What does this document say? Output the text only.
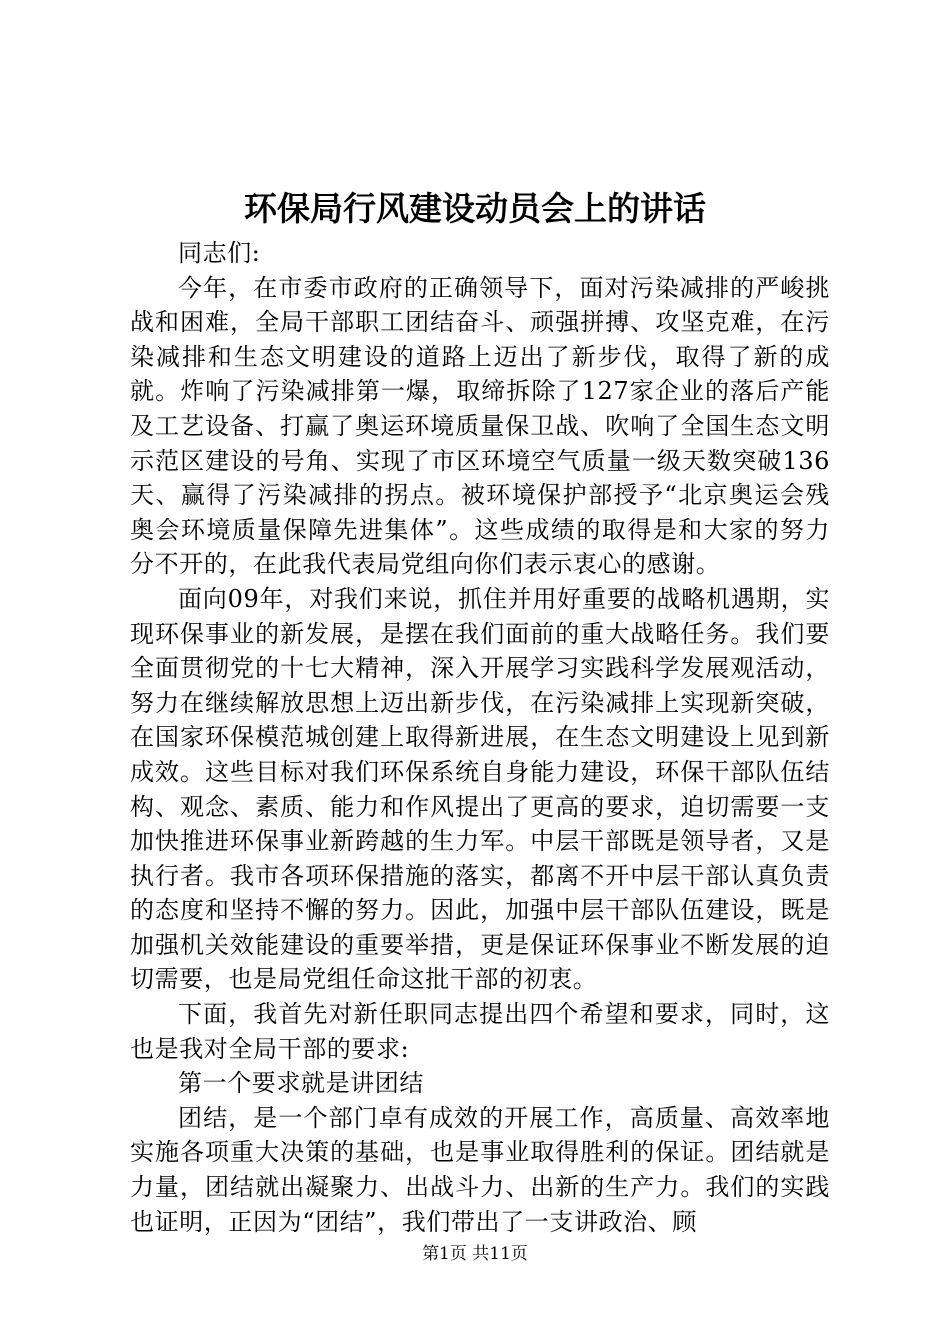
环保局行风建设动员会上的讲话

同志们:

今年，在市委市政府的正确领导下，面对污染减排的严峻挑战和困难，全局干部职工团结奋斗、顽强拼搏、攻坚克难，在污染减排和生态文明建设的道路上迈出了新步伐，取得了新的成就。炸响了污染减排第一爆，取缔拆除了127家企业的落后产能及工艺设备、打赢了奥运环境质量保卫战、吹响了全国生态文明示范区建设的号角、实现了市区环境空气质量一级天数突破136天、赢得了污染减排的拐点。被环境保护部授予“北京奥运会残奥会环境质量保障先进集体”。这些成绩的取得是和大家的努力分不开的，在此我代表局党组向你们表示衷心的感谢。

面向09年，对我们来说，抓住并用好重要的战略机遇期，实现环保事业的新发展，是摆在我们面前的重大战略任务。我们要全面贯彻党的十七大精神，深入开展学习实践科学发展观活动，努力在继续解放思想上迈出新步伐，在污染减排上实现新突破，在国家环保模范城创建上取得新进展，在生态文明建设上见到新成效。这些目标对我们环保系统自身能力建设，环保干部队伍结构、观念、素质、能力和作风提出了更高的要求，迫切需要一支加快推进环保事业新跨越的生力军。中层干部既是领导者，又是执行者。我市各项环保措施的落实，都离不开中层干部认真负责的态度和坚持不懈的努力。因此，加强中层干部队伍建设，既是加强机关效能建设的重要举措，更是保证环保事业不断发展的迫切需要，也是局党组任命这批干部的初衷。

下面，我首先对新任职同志提出四个希望和要求，同时，这也是我对全局干部的要求:

第一个要求就是讲团结

团结，是一个部门卓有成效的开展工作，高质量、高效率地实施各项重大决策的基础，也是事业取得胜利的保证。团结就是力量，团结就出凝聚力、出战斗力、出新的生产力。我们的实践也证明，正因为“团结”，我们带出了一支讲政治、顾

第1页 共11页
